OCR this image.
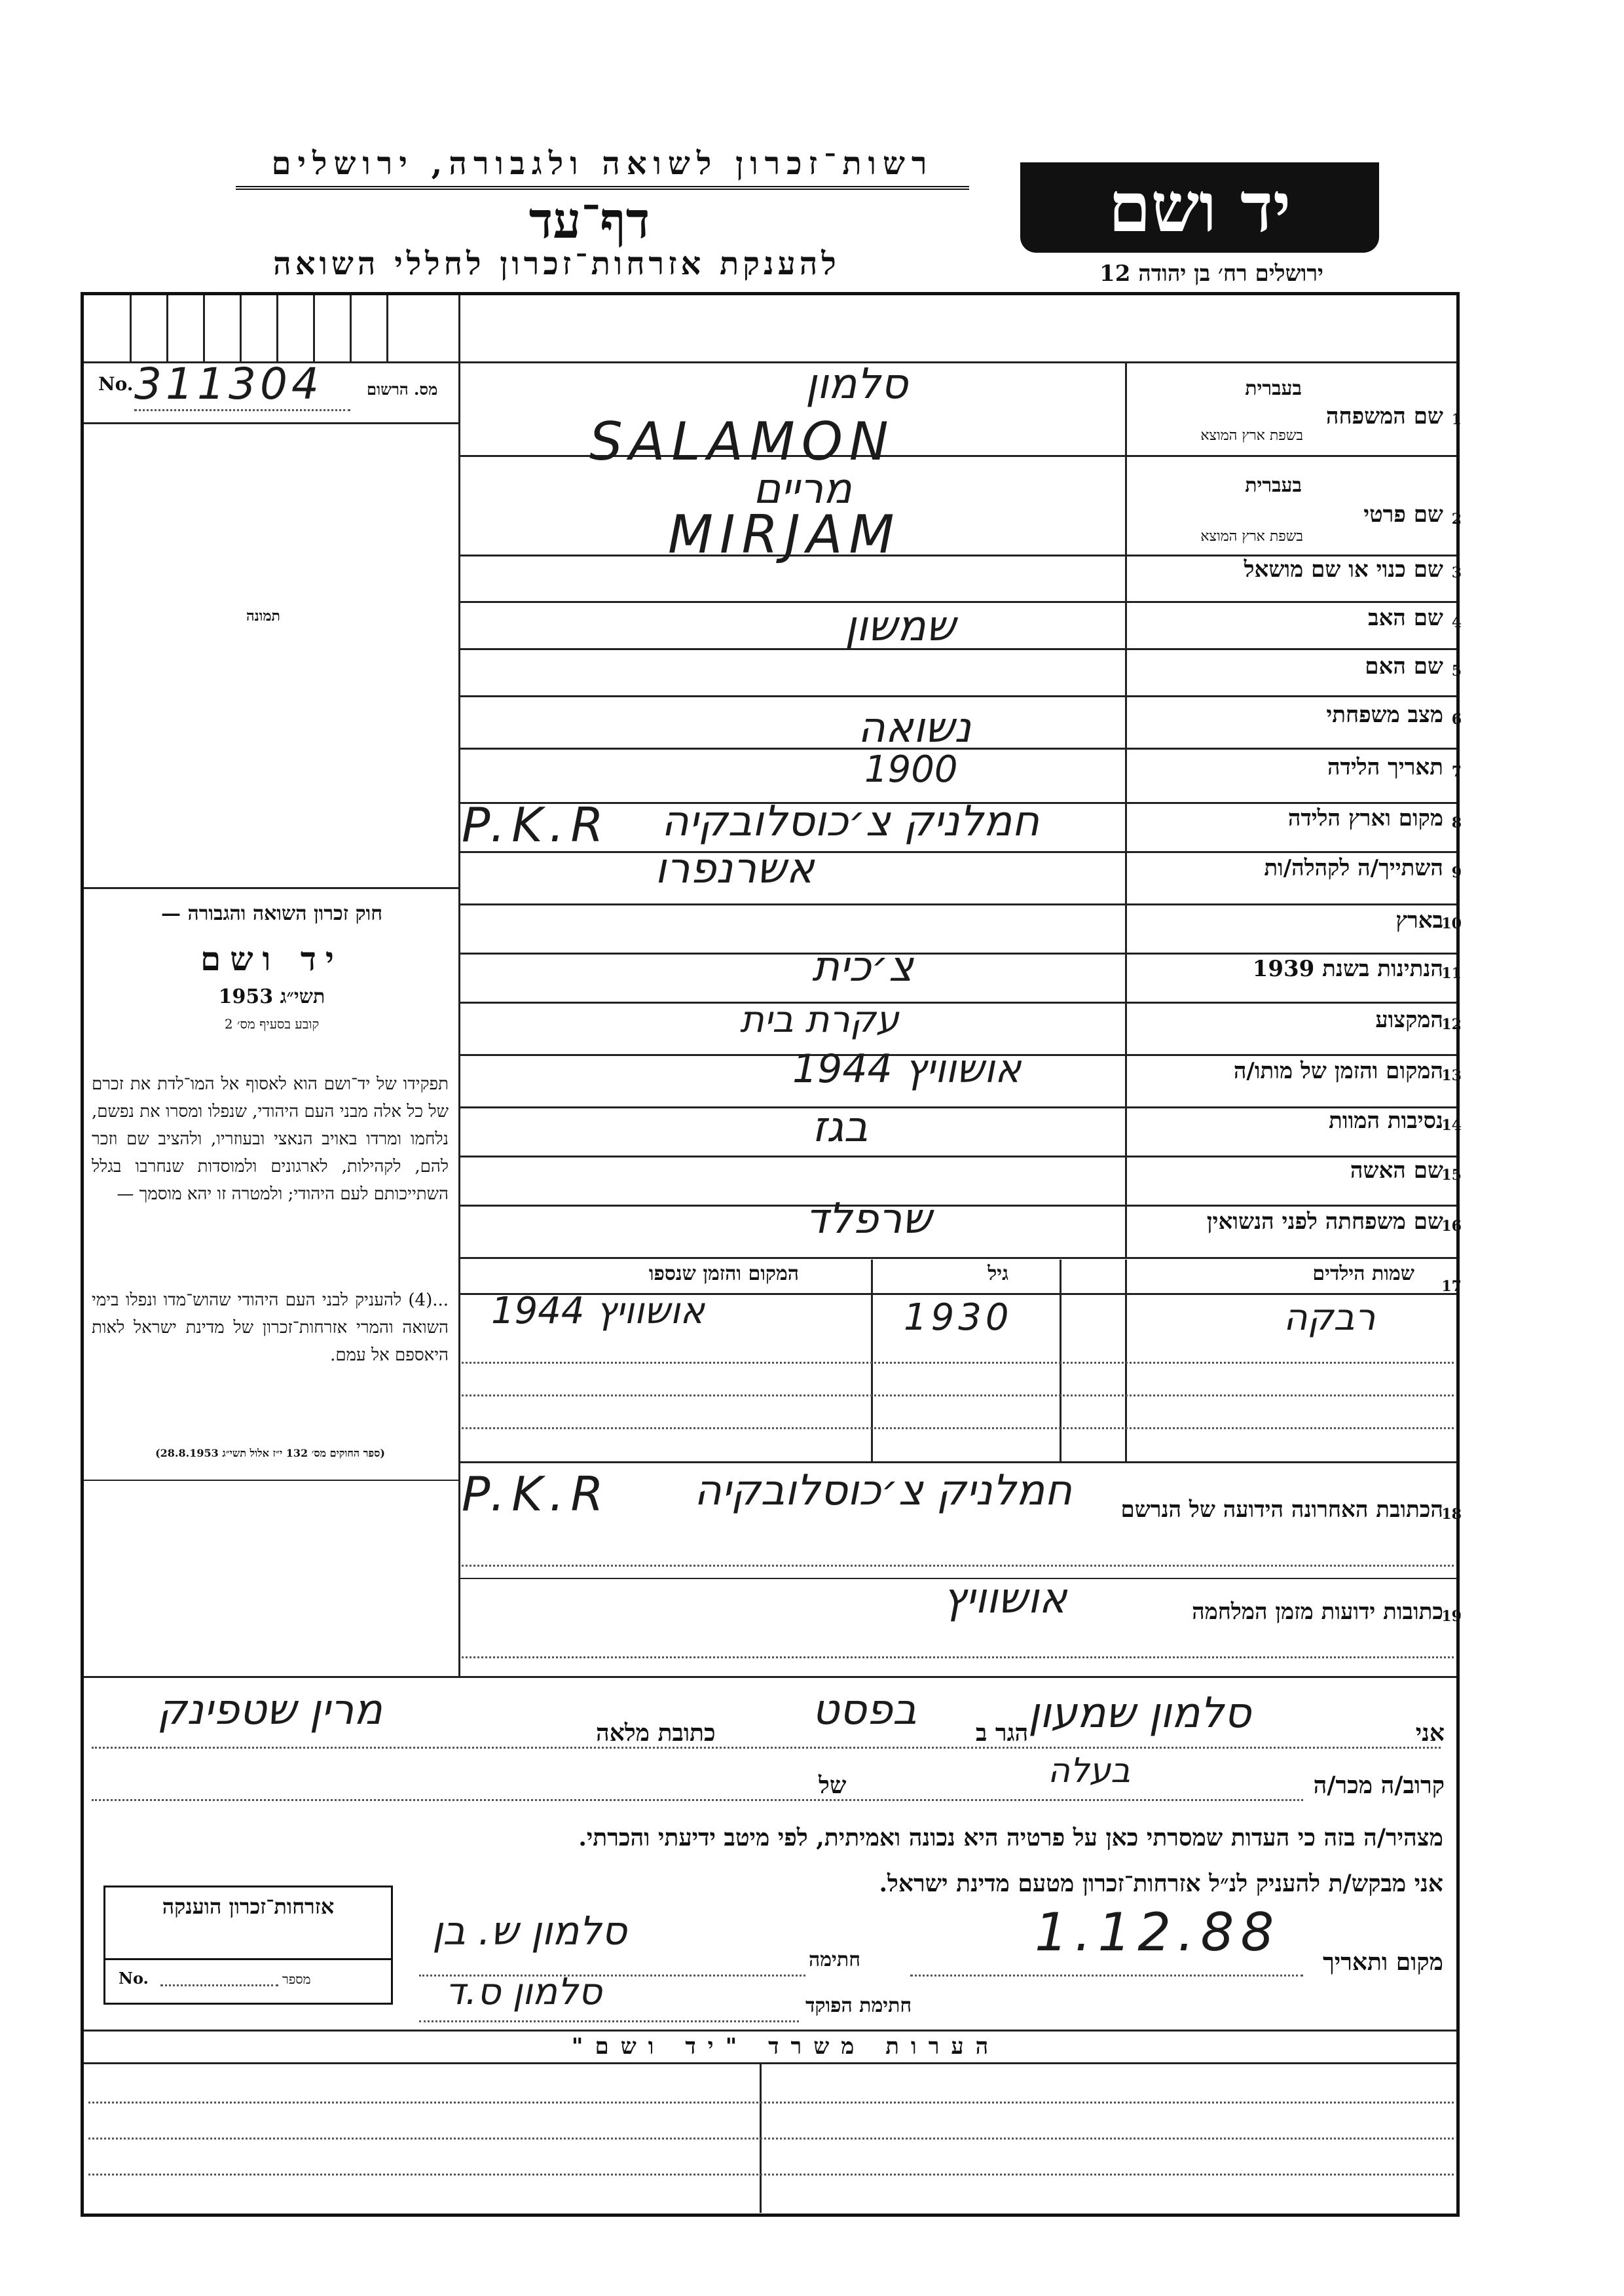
רשות־זכרון לשואה ולגבורה, ירושלים
דף־עד
להענקת אזרחות־זכרון לחללי השואה
יד ושם
ירושלים רח׳ בן יהודה 12
No. 311304	מס. הרשום
תמונה
1
שם המשפחה
בעברית
בשפת ארץ המוצא
סלמון
SALAMON
2
שם פרטי
בעברית
בשפת ארץ המוצא
מריים
MIRJAM
3
שם כנוי או שם מושאל
4
שם האב
שמשון
5
שם האם
6
מצב משפחתי
נשואה
7
תאריך הלידה
1900
8
מקום וארץ הלידה
חמלניק צ׳כוסלובקיה
P.K.R
9
השתייך/ה לקהלה/ות
אשרנפרו
10
בארץ
11
הנתינות בשנת 1939
צ׳כית
12
המקצוע
עקרת בית
13
המקום והזמן של מותו/ה
אושוויץ 1944
14
נסיבות המוות
בגז
15
שם האשה
16
שם משפחתה לפני הנשואין
שרפלד
17
שמות הילדים
גיל
המקום והזמן שנספו
רבקה
1930
אושוויץ 1944
18
הכתובת האחרונה הידועה של הנרשם
חמלניק צ׳כוסלובקיה
P.K.R
19
כתובות ידועות מזמן המלחמה
אושוויץ
חוק זכרון השואה והגבורה —
יד ושם
תשי״ג 1953
קובע בסעיף מס׳ 2
תפקידו של יד־ושם הוא לאסוף אל המו־לדת את זכרם של כל אלה מבני העם היהודי, שנפלו ומסרו את נפשם, נלחמו ומרדו באויב הנאצי ובעוזריו, ולהציב שם וזכר להם, לקהילות, לארגונים ולמוסדות שנחרבו בגלל השתייכותם לעם היהודי; ולמטרה זו יהא מוסמך —
...(4) להעניק לבני העם היהודי שהוש־מדו ונפלו בימי השואה והמרי אזרחות־זכרון של מדינת ישראל לאות היאספם אל עמם.
(ספר החוקים מס׳ 132 י״ז אלול תשי״ג 28.8.1953)
אני
סלמון שמעון
הגר ב
בפסט
כתובת מלאה
מרין שטפינק
קרוב/ה מכר/ה
בעלה
של
מצהיר/ה בזה כי העדות שמסרתי כאן על פרטיה היא נכונה ואמיתית, לפי מיטב ידיעתי והכרתי.
אני מבקש/ת להעניק לנ״ל אזרחות־זכרון מטעם מדינת ישראל.
מקום ותאריך
1.12.88
חתימה
סלמון ש. בן
חתימת הפוקד
סלמון ס.ד
אזרחות־זכרון הוענקה
No.	מספר
הערות משרד "יד ושם"
